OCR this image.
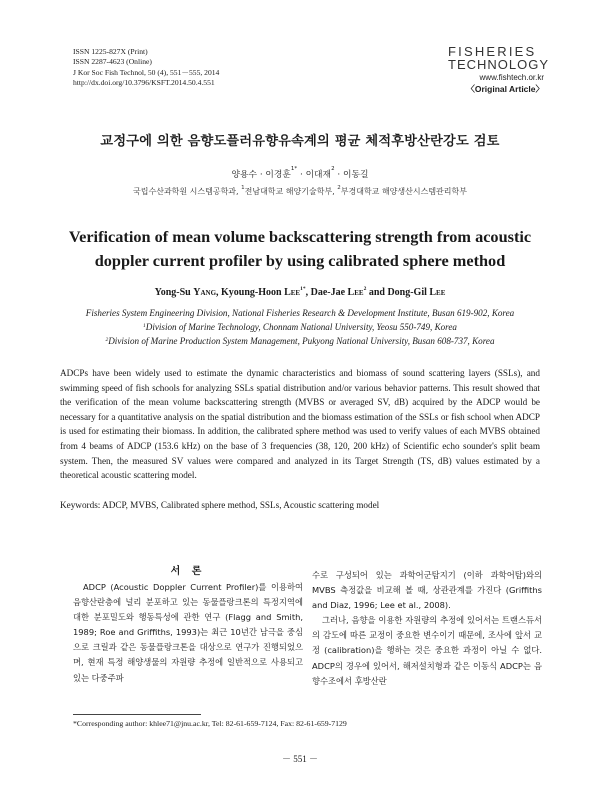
ISSN 1225-827X (Print)
ISSN 2287-4623 (Online)
J Kor Soc Fish Technol, 50 (4), 551－555, 2014
http://dx.doi.org/10.3796/KSFT.2014.50.4.551
FISHERIES
TECHNOLOGY
www.fishtech.or.kr
〈Original Article〉
교정구에 의한 음향도플러유향유속계의 평균 체적후방산란강도 검토
양용수 · 이경훈$^{1*}$ · 이대재$^2$ · 이동길
국립수산과학원 시스템공학과, $^1$전남대학교 해양기술학부, $^2$부경대학교 해양생산시스템관리학부
Verification of mean volume backscattering strength from acoustic doppler current profiler by using calibrated sphere method
Yong-Su Yang, Kyoung-Hoon Lee$^{1*}$, Dae-Jae Lee$^2$ and Dong-Gil Lee
Fisheries System Engineering Division, National Fisheries Research & Development Institute, Busan 619-902, Korea
$^1$Division of Marine Technology, Chonnam National University, Yeosu 550-749, Korea
$^2$Division of Marine Production System Management, Pukyong National University, Busan 608-737, Korea
ADCPs have been widely used to estimate the dynamic characteristics and biomass of sound scattering layers (SSLs), and swimming speed of fish schools for analyzing SSLs spatial distribution and/or various behavior patterns. This result showed that the verification of the mean volume backscattering strength (MVBS or averaged SV, dB) acquired by the ADCP would be necessary for a quantitative analysis on the spatial distribution and the biomass estimation of the SSLs or fish school when ADCP is used for estimating their biomass. In addition, the calibrated sphere method was used to verify values of each MVBS obtained from 4 beams of ADCP (153.6 kHz) on the base of 3 frequencies (38, 120, 200 kHz) of Scientific echo sounder's split beam system. Then, the measured SV values were compared and analyzed in its Target Strength (TS, dB) values estimated by a theoretical acoustic scattering model.
Keywords: ADCP, MVBS, Calibrated sphere method, SSLs, Acoustic scattering model
서 론
ADCP (Acoustic Doppler Current Profiler)를 이용하여 음향산란층에 널리 분포하고 있는 동물플랑크톤의 특정지역에 대한 분포밀도와 행동특성에 관한 연구 (Flagg and Smith, 1989; Roe and Griffiths, 1993)는 최근 10년간 남극을 중심으로 크릴과 같은 동물플랑크톤을 대상으로 연구가 진행되었으며, 현재 특정 해양생물의 자원량 추정에 일반적으로 사용되고 있는 다중주파
수로 구성되어 있는 과학어군탐지기 (이하 과학어탐)와의 MVBS 측정값을 비교해 볼 때, 상관관계를 가진다 (Griffiths and Diaz, 1996; Lee et al., 2008).
그러나, 음향을 이용한 자원량의 추정에 있어서는 트랜스듀서의 감도에 따른 교정이 중요한 변수이기 때문에, 조사에 앞서 교정 (calibration)을 행하는 것은 중요한 과정이 아닐 수 없다. ADCP의 경우에 있어서, 해저설치형과 같은 이동식 ADCP는 음향수조에서 후방산란
*Corresponding author: khlee71@jnu.ac.kr, Tel: 82-61-659-7124, Fax: 82-61-659-7129
－ 551 －
